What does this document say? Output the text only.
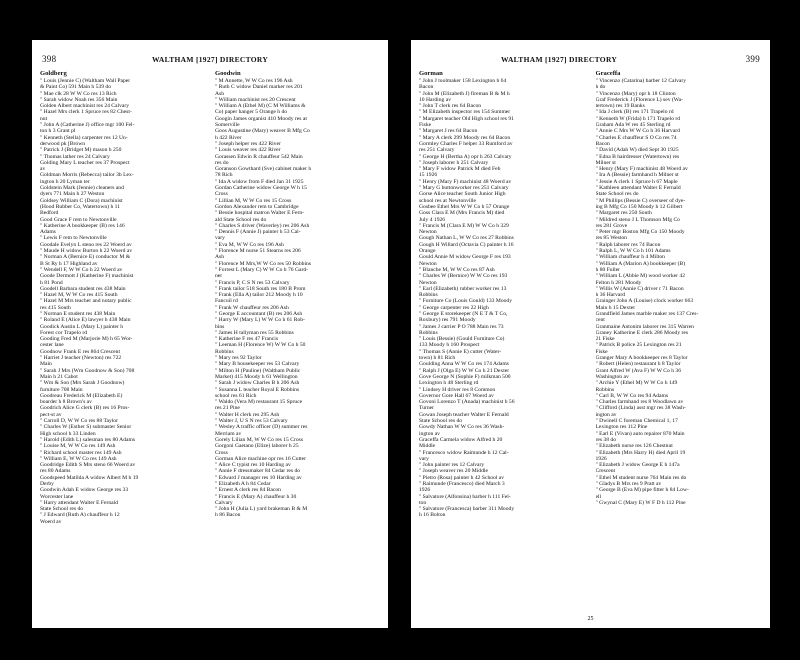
398	WALTHAM [1927] DIRECTORY
Goldberg
" Louis (Jennie C) (Waltham Wall Paper
& Paint Co) 591 Main h 539 do
" Mae clk 28 W W Co res 13 Rich
" Sarah widow Noah res 356 Main
Golden Albert machinist res 24 Calvary
" Hazel Mrs clerk 1 Spruce res 82 Chest-
nut
" John A (Catherine J) office mgr 100 Fel-
ton h 3 Grant pl
" Kenneth (Stella) carpenter res 12 Un-
derwood pk [Brown
" Patrick J (Bridget M) mason h 250
" Thomas lather res 24 Calvary
Golding Mary L teacher res 37 Prospect
av
Goldman Morris (Rebecca) tailor 3b Lex-
ington h 20 Lyman ter
Goldstein Mark (Jennie) cleaners and
dyers 771 Main h 27 Weston
Goldsey William C (Dora) machinist
(Hood Rubber Co, Watertown) h 11
Bedford
Good Grace F rem to Newtonville
" Katherine A bookkeeper (B) res 146
Adams
" Lewis F rem to Newtonville
Goodale Evelyn L steno res 22 Woerd av
" Maude H widow Burton h 22 Woerd av
" Norman A (Bernice E) conductor M &
B St Ry h 17 Highland av
" Wendell F, W W Co h 22 Woerd av
Goode Dermott J (Katherine F) machinist
h 81 Pond
Goodell Barbara student res 438 Main
" Hazel M, W W Co res 415 South
" Hazel M Mrs teacher and notary public
res 415 South
" Norman E student res 438 Main
" Roland E (Alice E) lawyer h 438 Main
Goodick Austin L (Mary L) painter h
Forest cor Trapelo rd
Gooding Fred M (Marjorie M) h 65 Wor-
cester lane
Goodnow Frank E res 864 Crescent
" Harriet J teacher (Newton) res 722
Main
" Sarah J Mrs (Wm Goodnow & Son) 708
Main h 21 Cabot
" Wm & Son (Mrs Sarah J Goodnow)
furniture 708 Main
Goodreau Frederick M (Elizabeth E)
boarder h 8 Brown's av
Goodrich Alice G clerk (B) res 16 Pros-
pect-st av
" Carroll D, W W Co res 88 Taylor
" Charles W (Esther S) submaster Senior
High school h 33 Linden
" Harold (Edith L) salesman res 80 Adams
" Louise M, W W Co res 149 Ash
" Richard school master res 149 Ash
" William E, W W Co res 149 Ash
Goodridge Edith S Mrs steno 66 Woerd av
res 80 Adams
Goodspeed Matilda A widow Albert M h 19
Derby
Goodwin Adah E widow George res 33
Worcester lane
" Harry attendant Walter E Fernald
State School res do
" J Edward (Ruth A) chauffeur h 12
Woerd av
Goodwin
" M Annette, W W Co res 196 Ash
" Ruth C widow Daniel marker res 201
Ash
" William machinist res 20 Crescent
" William A (Ethel M) (C M Williams &
Co) paper hanger 5 Orange h do
Googin James organist 410 Moody res at
Somerville
Goos Augustine (Mary) weaver B Mfg Co
h 422 River
" Joseph helper res 422 River
" Louis weaver res 422 River
Gorassen Edwin R chauffeur 542 Main
res do
Goranson Gowthard (Sve) cabinet maker h
78 Rich
" Ida A widow from F died Jan 31 1925
Gordan Catherine widow George W h 15
Cross
" Lillian M, W W Co res 15 Cross
Gordon Alexander rem to Cambridge
" Bessie hospital matron Walter E Fern-
ald State School res do
" Charles S driver (Waverley) res 206 Ash
" Dennis F (Annie J) painter h 53 Cal-
vary
" Eva M, W W Co res 196 Ash
" Florence M nurse 51 Stearns res 206
Ash
" Florence M Mrs,W W Co res 50 Robbins
" Forrest L (Mary C) W W Co h 76 Gard-
ner
" Francis P, C S N res 53 Calvary
" Frank tailor 518 South res 180 B Prom
" Frank (Ella A) tailor 212 Moody h 10
Fancuil rd
" Frank W chauffeur res 206 Ash
" George E accountant (B) res 206 Ash
" Harry W (Mary L) W W Co h 61 Rob-
bins
" James H tallyman res 55 Robbins
" Katherine F res 47 Francis
" Leeman H (Florence W) W W Co h 50
Robbins
" Mary res 92 Taylor
" Mary B housekeeper res 53 Calvary
" Milton H (Pauline) (Waltham Public
Market) 415 Moody h 61 Wellington
" Sarah J widow Charles B h 206 Ash
" Susanna L teacher Royal E Robbins
school res 61 Rich
" Waldo (Vera M) restaurant 15 Spruce
res 21 Pine
" Walter H clerk res 295 Ash
" Walter J, U S N res 53 Calvary
" Wesley A traffic officer (D) summer res
Merriam av
Gorely Lilian M, W W Co res 15 Cross
Gorgoni Gaetano (Elize) laborer h 25
Cross
Gorman Alice machine opr res 16 Cutter
" Alice C typist res 10 Harding av
" Annie F dressmaker 84 Cedar res do
" Edward J manager res 10 Harding av
" Elizabeth A h 84 Cedar
" Ernest A clerk res 84 Bacon
" Francis E (Mary A) chauffeur h 30
Calvary
" John H (Julia L) yard brakeman B & M
h 86 Bacon
WALTHAM [1927] DIRECTORY	399
Gorman
" John J toolmaker 158 Lexington h 64
Bacon
" John M (Elizabeth J) fireman B & M h
10 Harding av
" John T clerk res 64 Bacon
" M Elizabeth inspector res 154 Summer
" Margaret teacher Old High school res 91
Fiske
" Margaret J res 64 Bacon
" Mary A clerk 299 Moody res 64 Bacon
Gormley Charles F helper 33 Rumford av
res 251 Calvary
" George H (Bertha A) opr h 263 Calvary
" Joseph laborer h 251 Calvary
" Mary F widow Patrick M died Feb
15 1926
" Henry (Mary F) machinist 48 Woerd av
" Mary G buttonworker res 251 Calvary
Gorse Alice teacher South Junior High
school res at Newtonville
Gosbee Ethel Mrs W W Co h 57 Orange
Goss Clara E M (Mrs Francis M) died
July 4 1926
" Francis M (Clara E M) W W Co h 329
Newton
Gough Nathan L, W W Co res 27 Robbins
Gough H Willard (Octavia C) painter h 16
Orange
Gould Annie M widow George F res 193
Newton
" Blanche M, W W Co res 87 Ash
" Charles W (Bernice) W W Co res 193
Newton
" Earl (Elizabeth) rubber worker res 13
Robbins
" Furniture Co (Louis Gould) 133 Moody
" George carpenter res 22 High
" George E storekeeper (N E T & T Co,
Roxbury) res 791 Moody
" James J carrier P O 788 Main res 73
Robbins
" Louis (Bessie) (Gould Furniture Co)
133 Moody h 160 Prospect
" Thomas S (Annie E) cutter (Water-
town) h 81 Rich
Goulding Anna W W Co res 174 Adams
" Ralph J (Olga E) W W Co h 21 Dexter
Gove George N (Sophie F) milkman 500
Lexington h 48 Sterling rd
" Lindsey H driver res 8 Common
Governor Gore Hall 67 Woerd av
Govoni Lorenzo T (Anada) machinist h 56
Turner
Gowan Joseph teacher Walter E Fernald
State School res do
Gowdy Nathan W W Co res 36 Wash-
ington av
Graceffa Carmela widow Alfred h 20
Middle
" Francesco widow Raimunde h 12 Cal-
vary
" John painter res 12 Calvary
" Joseph weaver res 20 Middle
" Pietro (Rosa) painter h 42 School av
" Raimunde (Francesco) died March 3
1926
" Salvatore (Alfonsina) barber h 111 Fel-
ton
" Salvatore (Francesca) barber 311 Moody
h 16 Bolton
Graceffa
" Vincenzo (Catarina) barber 12 Calvary
h do
" Vincenzo (Mary) opr h 18 Clinton
Graf Frederick J (Florence L) sev (Wa-
tertown) res 19 Banks
" Ida J clerk (B) res 171 Trapelo rd
" Kenneth W (Frida) h 171 Trapelo rd
Graham Ada W res 45 Sterling rd
" Annie C Mrs W W Co h 36 Harvard
" Charles E chauffeur S O Co res 74
Bacon
" David (Adah W) died Sept 30 1925
" Edna B hairdresser (Watertown) res
Milner st
" Henry (Mary F) machinist 48 Woerd av
" Ira A (Bessie) farmhand h Milner st
" Jessie A clerk 1 Spruce h 67 Maple
" Kathleen attendant Walter E Fernald
State School res do
" M Phillips (Bessie C) overseer of dye-
ing B Mfg Co 150 Moody h 12 Gilbert
" Margaret res 250 South
" Mildred steno J L Thomson Mfg Co
res 281 Grove
" Peter mgr Boston Mfg Co 150 Moody
res 85 Weston
" Ralph laborer res 74 Bacon
" Ralph L, W W Co h 101 Adams
" William chauffeur h 4 Milton
" William A (Marion A) bookkeeper (B)
h 80 Fuller
" William L (Abbie M) wood worker 42
Felton h 281 Moody
" Willis W (Annie C) driver r 71 Bacon
h 36 Harvard
Grainger John A (Louise) clock worker 663
Main h 15 Dexter
Grandfield James marble maker res 137 Cres-
cent
Granmaine Antonim laborer res 315 Warren
Graney Katherine E clerk 286 Moody res
21 Fiske
" Patrick B police 25 Lexington res 21
Fiske
Granger Mary A bookkeeper res 8 Taylor
" Robert (Helen) restaurant h 8 Taylor
Grant Alfred W (Ava F) W W Co h 36
Washington av
" Archie Y (Ethel M) W W Co h 149
Robbins
" Carl B, W W Co res 94 Adams
" Charles farmhand res 8 Woodlawn av
" Clifford (Linda) asst mgr res 38 Wash-
ington av
" Dwinell C foreman Chemical 1, 17
Lexington res 112 Pine
" Earl E (Vivan) auto repairer 870 Main
res 38 do
" Elizabeth nurse res 126 Chestnut
" Elizabeth (Mrs Harry H) died April 19
1926
" Elizabeth J widow George E h 147a
Crescent
" Ethel M student nurse 764 Main res do
" Gladys B Mrs res 9 Pratt av
" George B (Eva M) pipe fitter h 84 Low-
ell
" Gwynal C (Mary E) W F D h 112 Pine
25
